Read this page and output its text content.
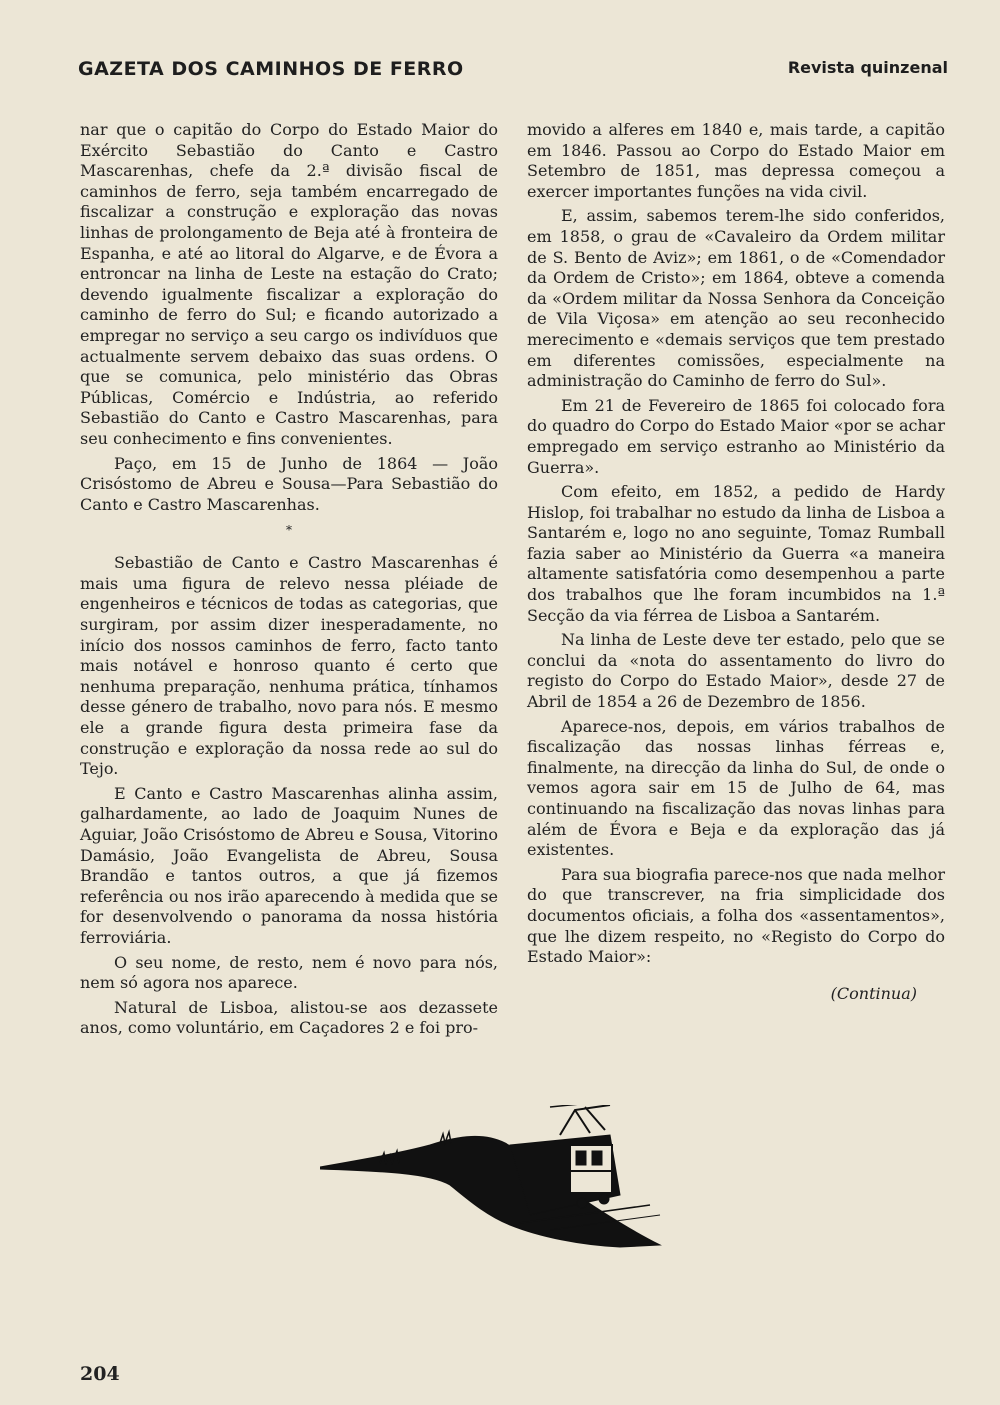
GAZETA DOS CAMINHOS DE FERRO	Revista quinzenal

nar que o capitão do Corpo do Estado Maior do Exército Sebastião do Canto e Castro Mascarenhas, chefe da 2.ª divisão fiscal de caminhos de ferro, seja também encarregado de fiscalizar a construção e exploração das novas linhas de prolongamento de Beja até à fronteira de Espanha, e até ao litoral do Algarve, e de Évora a entroncar na linha de Leste na estação do Crato; devendo igualmente fiscalizar a exploração do caminho de ferro do Sul; e ficando autorizado a empregar no serviço a seu cargo os indivíduos que actualmente servem debaixo das suas ordens. O que se comunica, pelo ministério das Obras Públicas, Comércio e Indústria, ao referido Sebastião do Canto e Castro Mascarenhas, para seu conhecimento e fins convenientes.

Paço, em 15 de Junho de 1864 — João Crisóstomo de Abreu e Sousa—Para Sebastião do Canto e Castro Mascarenhas.

*

Sebastião de Canto e Castro Mascarenhas é mais uma figura de relevo nessa pléiade de engenheiros e técnicos de todas as categorias, que surgiram, por assim dizer inesperadamente, no início dos nossos caminhos de ferro, facto tanto mais notável e honroso quanto é certo que nenhuma preparação, nenhuma prática, tínhamos desse género de trabalho, novo para nós. E mesmo ele a grande figura desta primeira fase da construção e exploração da nossa rede ao sul do Tejo.

E Canto e Castro Mascarenhas alinha assim, galhardamente, ao lado de Joaquim Nunes de Aguiar, João Crisóstomo de Abreu e Sousa, Vitorino Damásio, João Evangelista de Abreu, Sousa Brandão e tantos outros, a que já fizemos referência ou nos irão aparecendo à medida que se for desenvolvendo o panorama da nossa história ferroviária.

O seu nome, de resto, nem é novo para nós, nem só agora nos aparece.

Natural de Lisboa, alistou-se aos dezassete anos, como voluntário, em Caçadores 2 e foi pro-

movido a alferes em 1840 e, mais tarde, a capitão em 1846. Passou ao Corpo do Estado Maior em Setembro de 1851, mas depressa começou a exercer importantes funções na vida civil.

E, assim, sabemos terem-lhe sido conferidos, em 1858, o grau de «Cavaleiro da Ordem militar de S. Bento de Aviz»; em 1861, o de «Comendador da Ordem de Cristo»; em 1864, obteve a comenda da «Ordem militar da Nossa Senhora da Conceição de Vila Viçosa» em atenção ao seu reconhecido merecimento e «demais serviços que tem prestado em diferentes comissões, especialmente na administração do Caminho de ferro do Sul».

Em 21 de Fevereiro de 1865 foi colocado fora do quadro do Corpo do Estado Maior «por se achar empregado em serviço estranho ao Ministério da Guerra».

Com efeito, em 1852, a pedido de Hardy Hislop, foi trabalhar no estudo da linha de Lisboa a Santarém e, logo no ano seguinte, Tomaz Rumball fazia saber ao Ministério da Guerra «a maneira altamente satisfatória como desempenhou a parte dos trabalhos que lhe foram incumbidos na 1.ª Secção da via férrea de Lisboa a Santarém.

Na linha de Leste deve ter estado, pelo que se conclui da «nota do assentamento do livro do registo do Corpo do Estado Maior», desde 27 de Abril de 1854 a 26 de Dezembro de 1856.

Aparece-nos, depois, em vários trabalhos de fiscalização das nossas linhas férreas e, finalmente, na direcção da linha do Sul, de onde o vemos agora sair em 15 de Julho de 64, mas continuando na fiscalização das novas linhas para além de Évora e Beja e da exploração das já existentes.

Para sua biografia parece-nos que nada melhor do que transcrever, na fria simplicidade dos documentos oficiais, a folha dos «assentamentos», que lhe dizem respeito, no «Registo do Corpo do Estado Maior»:

(Continua)
204
